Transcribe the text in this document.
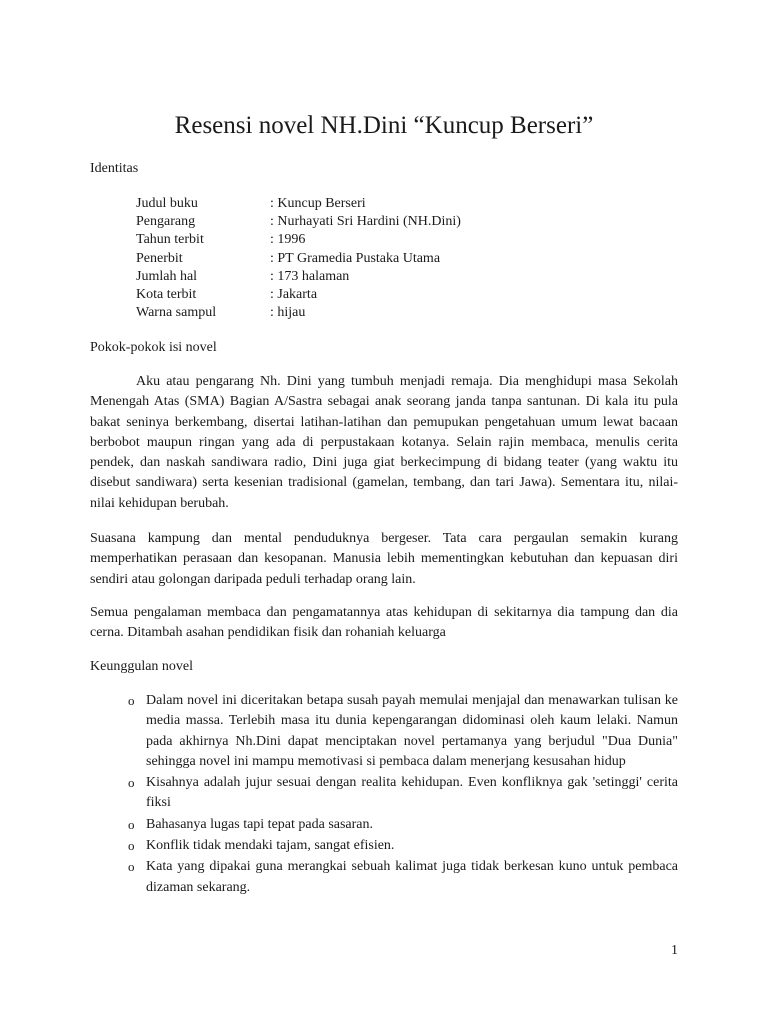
Resensi novel NH.Dini “Kuncup Berseri”

Identitas

Judul buku	: Kuncup Berseri
Pengarang	: Nurhayati Sri Hardini (NH.Dini)
Tahun terbit	: 1996
Penerbit	: PT Gramedia Pustaka Utama
Jumlah hal	: 173 halaman
Kota terbit	: Jakarta
Warna sampul	: hijau

Pokok-pokok isi novel

Aku atau pengarang Nh. Dini yang tumbuh menjadi remaja. Dia menghidupi masa Sekolah Menengah Atas (SMA) Bagian A/Sastra sebagai anak seorang janda tanpa santunan. Di kala itu pula bakat seninya berkembang, disertai latihan-latihan dan pemupukan pengetahuan umum lewat bacaan berbobot maupun ringan yang ada di perpustakaan kotanya. Selain rajin membaca, menulis cerita pendek, dan naskah sandiwara radio, Dini juga giat berkecimpung di bidang teater (yang waktu itu disebut sandiwara) serta kesenian tradisional (gamelan, tembang, dan tari Jawa). Sementara itu, nilai-nilai kehidupan berubah.

Suasana kampung dan mental penduduknya bergeser. Tata cara pergaulan semakin kurang memperhatikan perasaan dan kesopanan. Manusia lebih mementingkan kebutuhan dan kepuasan diri sendiri atau golongan daripada peduli terhadap orang lain.

Semua pengalaman membaca dan pengamatannya atas kehidupan di sekitarnya dia tampung dan dia cerna. Ditambah asahan pendidikan fisik dan rohaniah keluarga

Keunggulan novel

o Dalam novel ini diceritakan betapa susah payah memulai menjajal dan menawarkan tulisan ke media massa. Terlebih masa itu dunia kepengarangan didominasi oleh kaum lelaki. Namun pada akhirnya Nh.Dini dapat menciptakan novel pertamanya yang berjudul "Dua Dunia" sehingga novel ini mampu memotivasi si pembaca dalam menerjang kesusahan hidup
o Kisahnya adalah jujur sesuai dengan realita kehidupan. Even konfliknya gak 'setinggi' cerita fiksi
o Bahasanya lugas tapi tepat pada sasaran.
o Konflik tidak mendaki tajam, sangat efisien.
o Kata yang dipakai guna merangkai sebuah kalimat juga tidak berkesan kuno untuk pembaca dizaman sekarang.

1
